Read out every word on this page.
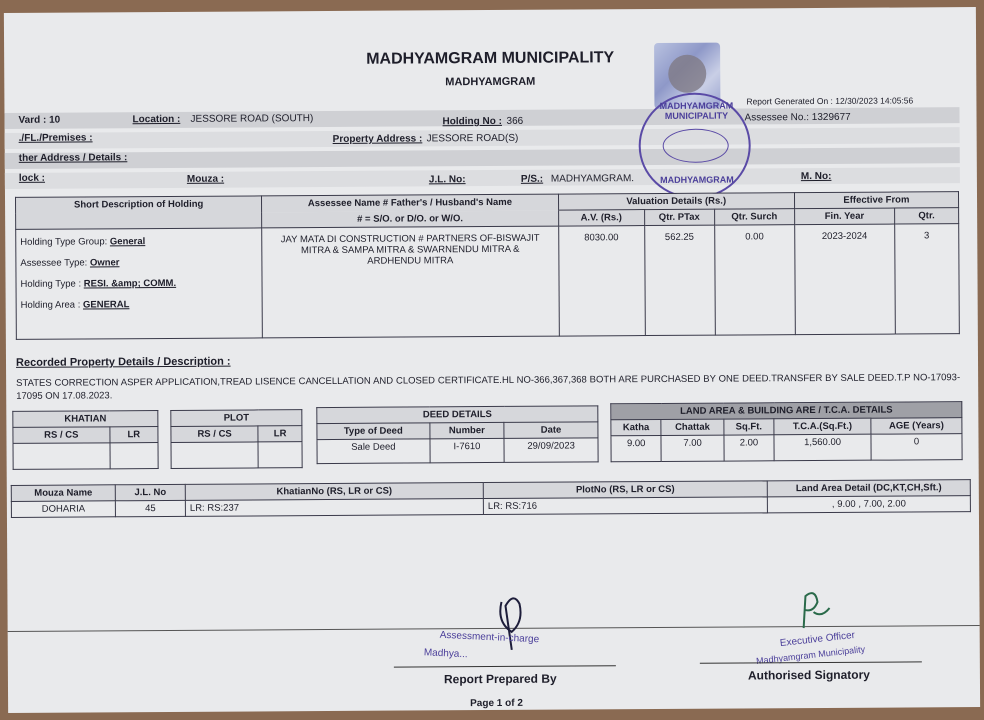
MADHYAMGRAM MUNICIPALITY
MADHYAMGRAM
Report Generated On : 12/30/2023 14:05:56
Vard : 10	Location : JESSORE ROAD (SOUTH)	Holding No : 366	Assessee No.: 1329677
./FL./Premises :	Property Address : JESSORE ROAD(S)
ther Address / Details :
lock :	Mouza :	J.L. No:	P/S.: MADHYAMGRAM.	M. No:
MADHYAMGRAM MUNICIPALITY
MADHYAMGRAM
Short Description of Holding	Assessee Name # Father's / Husband's Name	Valuation Details (Rs.)			Effective From	
	# = S/O. or D/O. or W/O.	A.V. (Rs.)	Qtr. PTax	Qtr. Surch	Fin. Year	Qtr.

Holding Type Group: General
Assessee Type: Owner
Holding Type : RESI. &amp; COMM.
Holding Area : GENERAL	JAY MATA DI CONSTRUCTION # PARTNERS OF-BISWAJIT MITRA & SAMPA MITRA & SWARNENDU MITRA & ARDHENDU MITRA	8030.00	562.25	0.00	2023-2024	3
Recorded Property Details / Description :
STATES CORRECTION ASPER APPLICATION,TREAD LISENCE CANCELLATION AND CLOSED CERTIFICATE.HL NO-366,367,368 BOTH ARE PURCHASED BY ONE DEED.TRANSFER BY SALE DEED.T.P NO-17093-17095 ON 17.08.2023.
KHATIAN	
RS / CS	LR

PLOT	
RS / CS	LR

DEED DETAILS		
Type of Deed	Number	Date
Sale Deed	I-7610	29/09/2023
LAND AREA & BUILDING ARE / T.C.A. DETAILS				
Katha	Chattak	Sq.Ft.	T.C.A.(Sq.Ft.)	AGE (Years)
9.00	7.00	2.00	1,560.00	0
Mouza Name	J.L. No	KhatianNo (RS, LR or CS)	PlotNo (RS, LR or CS)	Land Area Detail (DC,KT,CH,Sft.)
DOHARIA	45	LR: RS:237	LR: RS:716	, 9.00 , 7.00, 2.00
Assessment-in-charge
Madhya...
Report Prepared By
Executive Officer
Madhyamgram Municipality
Authorised Signatory
Page 1 of 2
